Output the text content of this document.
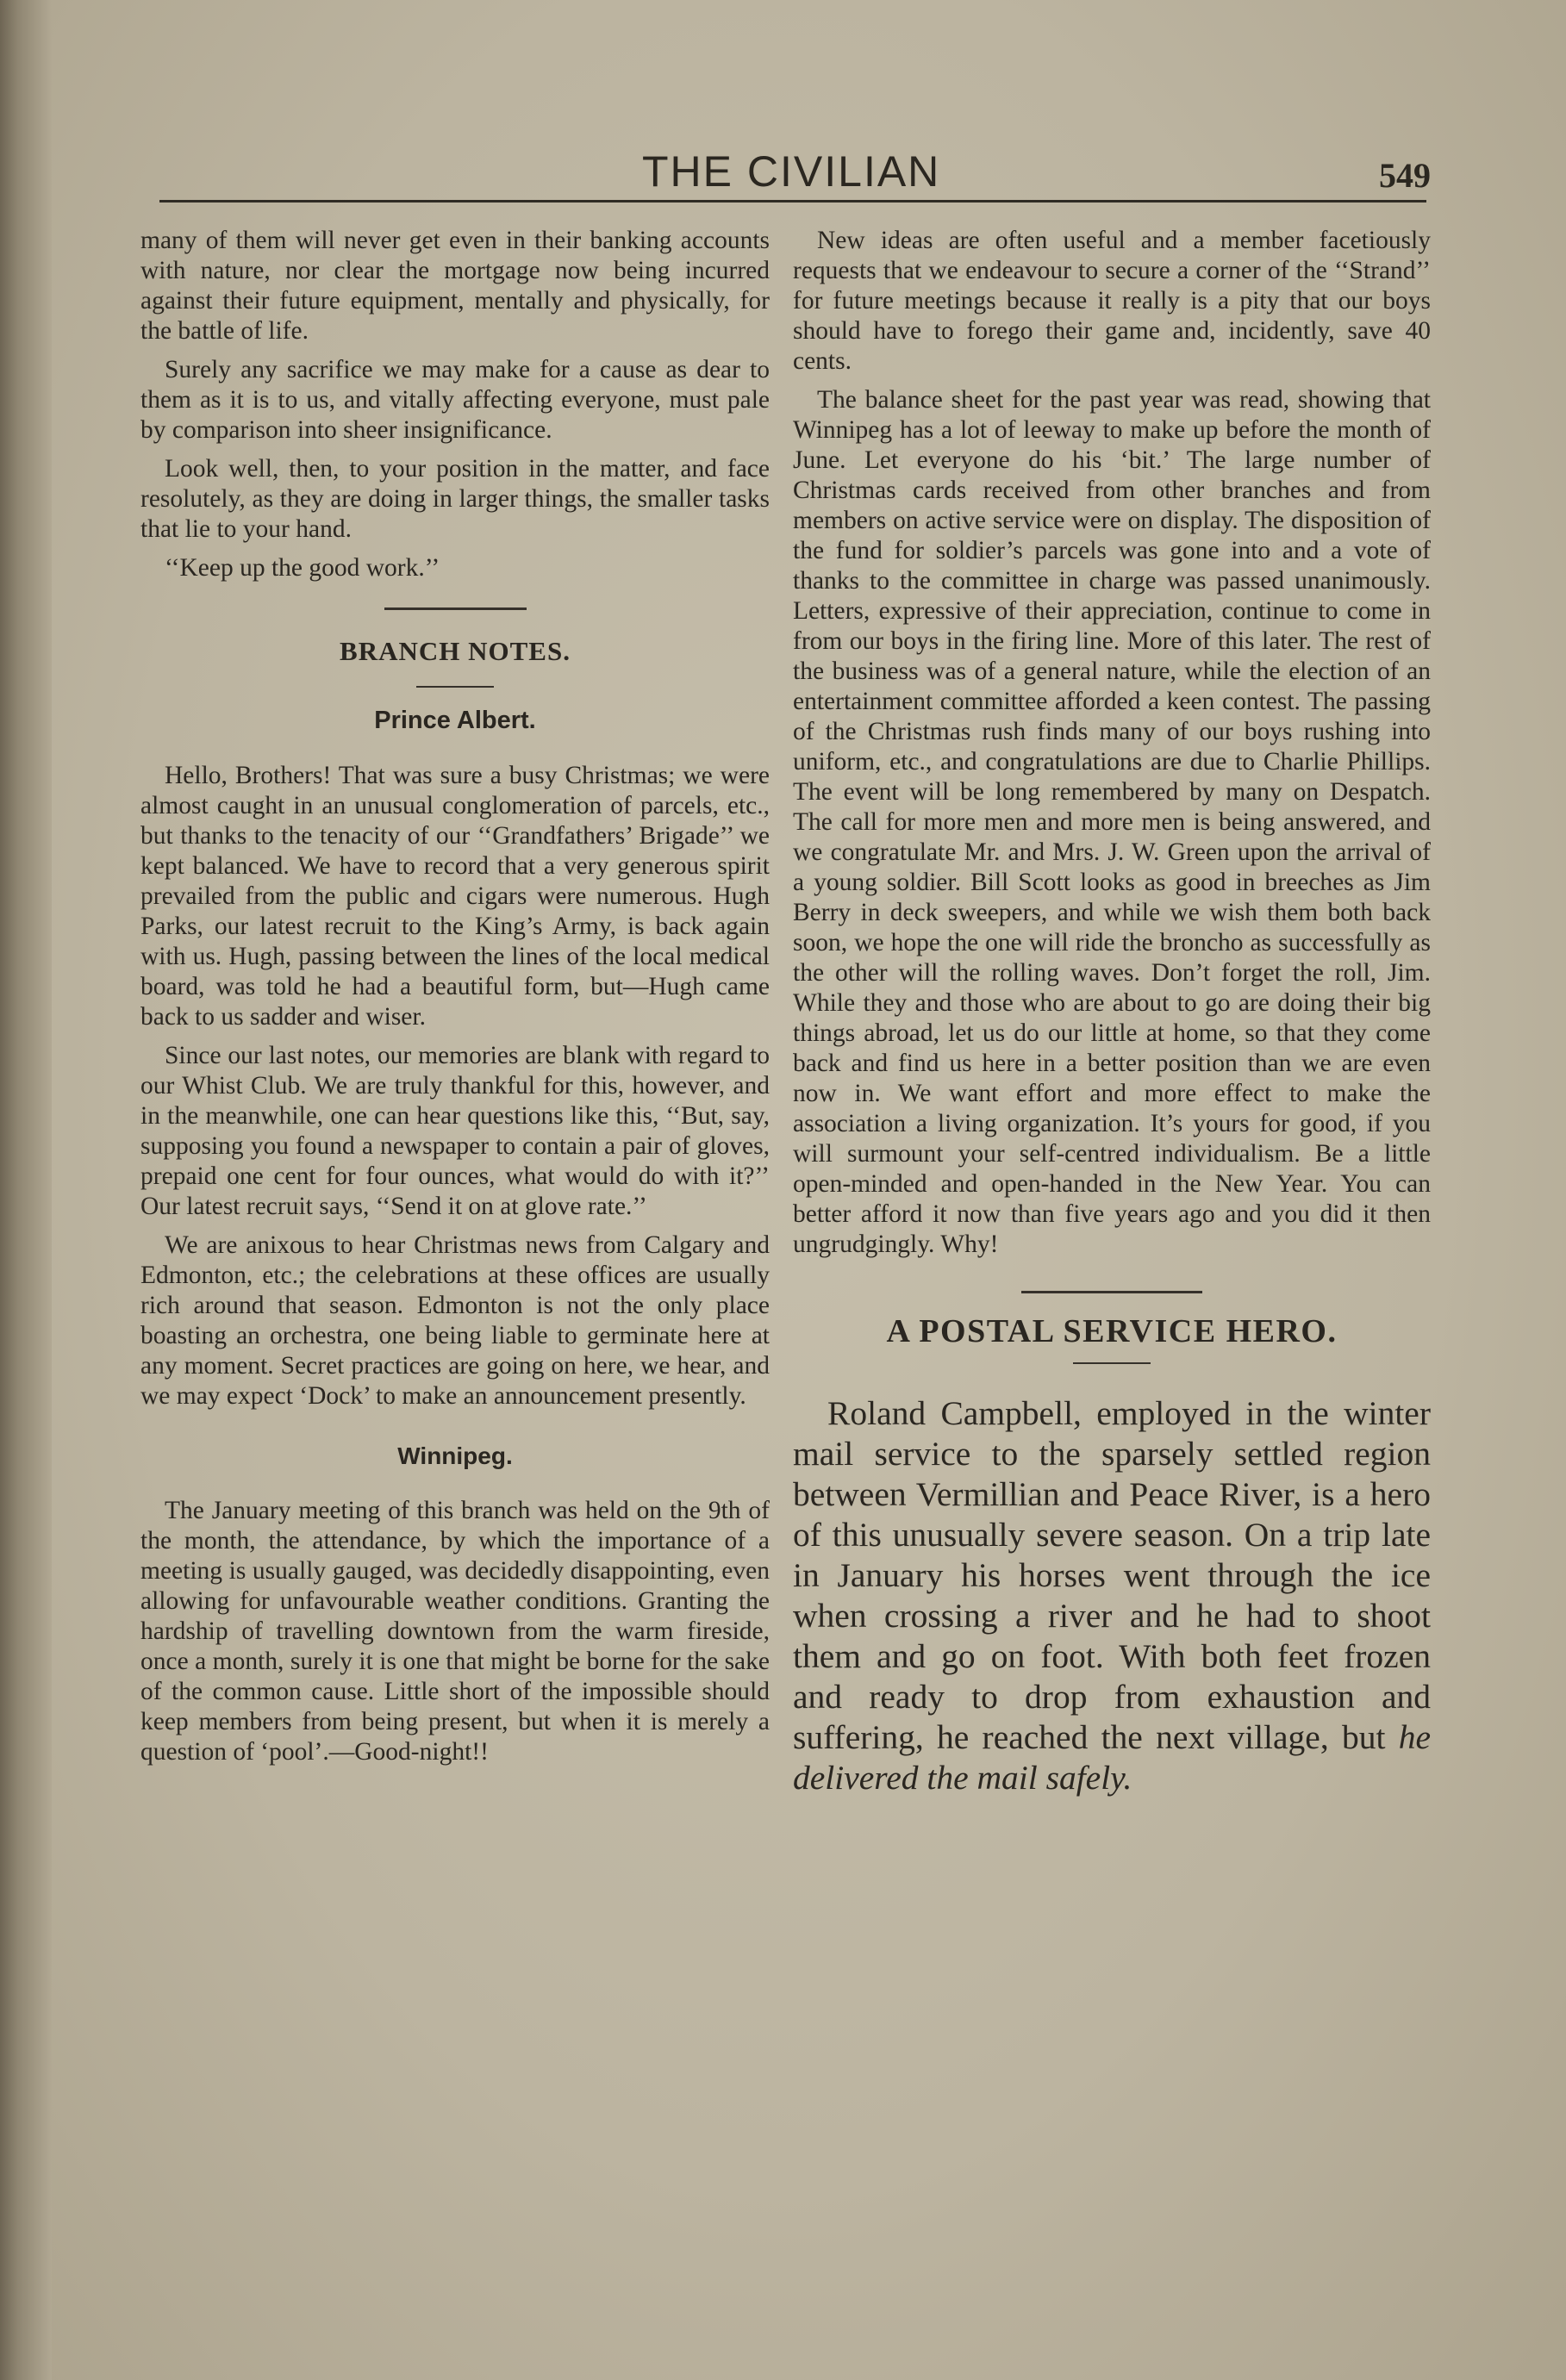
THE CIVILIAN	549

many of them will never get even in their banking accounts with nature, nor clear the mortgage now being incurred against their future equipment, mentally and physically, for the battle of life.

Surely any sacrifice we may make for a cause as dear to them as it is to us, and vitally affecting everyone, must pale by comparison into sheer insignificance.

Look well, then, to your position in the matter, and face resolutely, as they are doing in larger things, the smaller tasks that lie to your hand.

‘‘Keep up the good work.’’

BRANCH NOTES.
Prince Albert.

Hello, Brothers! That was sure a busy Christmas; we were almost caught in an unusual conglomeration of parcels, etc., but thanks to the tenacity of our ‘‘Grandfathers’ Brigade’’ we kept balanced. We have to record that a very generous spirit prevailed from the public and cigars were numerous. Hugh Parks, our latest recruit to the King’s Army, is back again with us. Hugh, passing between the lines of the local medical board, was told he had a beautiful form, but—Hugh came back to us sadder and wiser.

Since our last notes, our memories are blank with regard to our Whist Club. We are truly thankful for this, however, and in the meanwhile, one can hear questions like this, ‘‘But, say, supposing you found a newspaper to contain a pair of gloves, prepaid one cent for four ounces, what would do with it?’’ Our latest recruit says, ‘‘Send it on at glove rate.’’

We are anixous to hear Christmas news from Calgary and Edmonton, etc.; the celebrations at these offices are usually rich around that season. Edmonton is not the only place boasting an orchestra, one being liable to germinate here at any moment. Secret practices are going on here, we hear, and we may expect ‘Dock’ to make an announcement presently.

Winnipeg.

The January meeting of this branch was held on the 9th of the month, the attendance, by which the importance of a meeting is usually gauged, was decidedly disappointing, even allowing for unfavourable weather conditions. Granting the hardship of travelling downtown from the warm fireside, once a month, surely it is one that might be borne for the sake of the common cause. Little short of the impossible should keep members from being present, but when it is merely a question of ‘pool’.—Good-night!!

New ideas are often useful and a member facetiously requests that we endeavour to secure a corner of the ‘‘Strand’’ for future meetings because it really is a pity that our boys should have to forego their game and, incidently, save 40 cents.

The balance sheet for the past year was read, showing that Winnipeg has a lot of leeway to make up before the month of June. Let everyone do his ‘bit.’ The large number of Christmas cards received from other branches and from members on active service were on display. The disposition of the fund for soldier’s parcels was gone into and a vote of thanks to the committee in charge was passed unanimously. Letters, expressive of their appreciation, continue to come in from our boys in the firing line. More of this later. The rest of the business was of a general nature, while the election of an entertainment committee afforded a keen contest. The passing of the Christmas rush finds many of our boys rushing into uniform, etc., and congratulations are due to Charlie Phillips. The event will be long remembered by many on Despatch. The call for more men and more men is being answered, and we congratulate Mr. and Mrs. J. W. Green upon the arrival of a young soldier. Bill Scott looks as good in breeches as Jim Berry in deck sweepers, and while we wish them both back soon, we hope the one will ride the broncho as successfully as the other will the rolling waves. Don’t forget the roll, Jim. While they and those who are about to go are doing their big things abroad, let us do our little at home, so that they come back and find us here in a better position than we are even now in. We want effort and more effect to make the association a living organization. It’s yours for good, if you will surmount your self-centred individualism. Be a little open-minded and open-handed in the New Year. You can better afford it now than five years ago and you did it then ungrudgingly. Why!

A POSTAL SERVICE HERO.

Roland Campbell, employed in the winter mail service to the sparsely settled region between Vermillian and Peace River, is a hero of this unusually severe season. On a trip late in January his horses went through the ice when crossing a river and he had to shoot them and go on foot. With both feet frozen and ready to drop from exhaustion and suffering, he reached the next village, but he delivered the mail safely.
